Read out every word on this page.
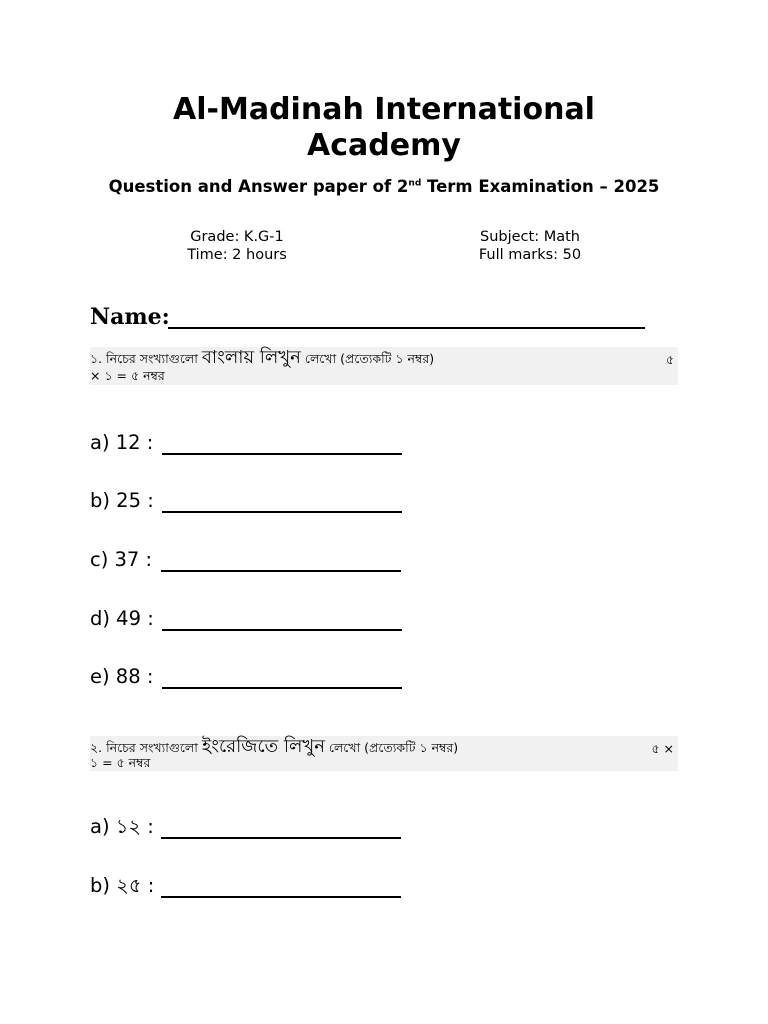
Al-Madinah International Academy
Question and Answer paper of 2nd Term Examination – 2025
Grade: K.G-1
Time: 2 hours
Subject: Math
Full marks: 50
Name:
১. নিচের সংখ্যাগুলো বাংলায় লিখুন লেখো (প্রত্যেকটি ১ নম্বর)	৫
× ১ = ৫ নম্বর
a) 12 :
b) 25 :
c) 37 :
d) 49 :
e) 88 :
২. নিচের সংখ্যাগুলো ইংরেজিতে লিখুন লেখো (প্রত্যেকটি ১ নম্বর)	৫ ×
১ = ৫ নম্বর
a) ১২ :
b) ২৫ :
